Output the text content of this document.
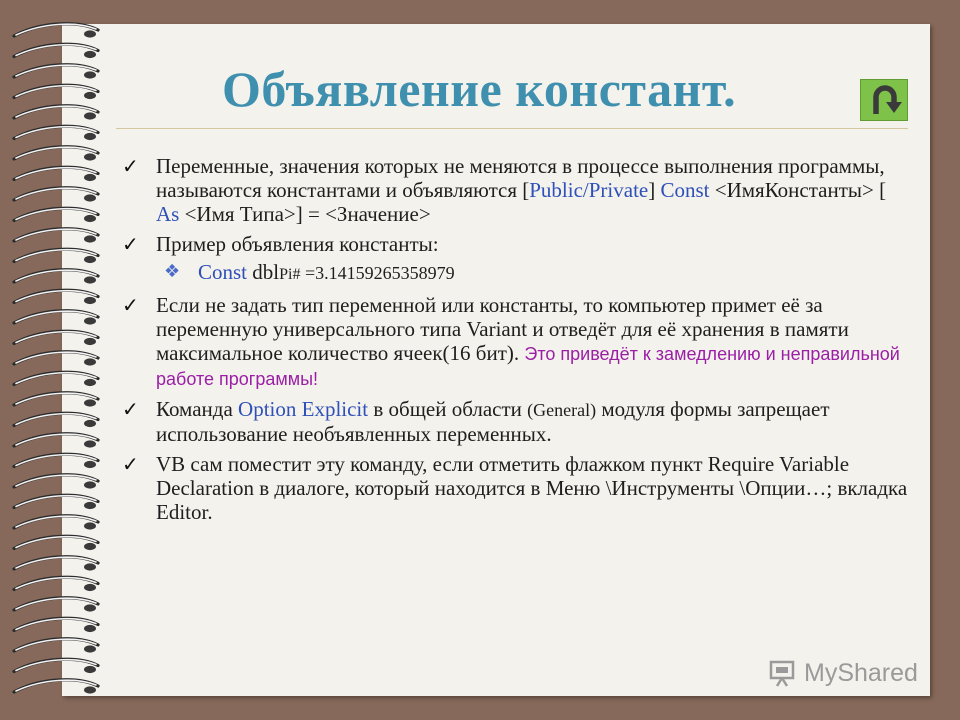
Объявление констант.
✓ Переменные, значения которых не меняются в процессе выполнения программы, называются константами и объявляются [Public/Private] Const <ИмяКонстанты> [ As <Имя Типа>] = <Значение>
✓ Пример объявления константы:
❖ Const dblPi# =3.14159265358979
✓ Если не задать тип переменной или константы, то компьютер примет её за переменную универсального типа Variant и отведёт для её хранения в памяти максимальное количество ячеек(16 бит). Это приведёт к замедлению и неправильной работе программы!
✓ Команда Option Explicit в общей области (General) модуля формы запрещает использование необъявленных переменных.
✓ VB сам поместит эту команду, если отметить флажком пункт Require Variable Declaration в диалоге, который находится в Меню \Инструменты \Опции…; вкладка Editor.
MyShared
